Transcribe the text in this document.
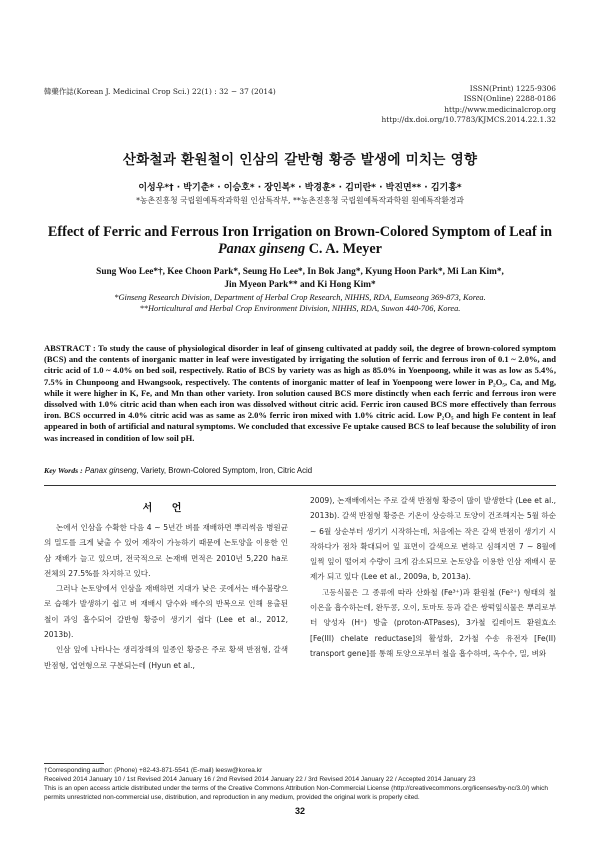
韓藥作誌(Korean J. Medicinal Crop Sci.) 22(1) : 32 − 37 (2014)	ISSN(Print) 1225-9306
ISSN(Online) 2288-0186
http://www.medicinalcrop.org
http://dx.doi.org/10.7783/KJMCS.2014.22.1.32
산화철과 환원철이 인삼의 갈반형 황증 발생에 미치는 영향
이성우*† · 박기춘* · 이승호* · 장인복* · 박경훈* · 김미란* · 박진면** · 김기홍*
*농촌진흥청 국립원예특작과학원 인삼특작부, **농촌진흥청 국립원예특작과학원 원예특작환경과
Effect of Ferric and Ferrous Iron Irrigation on Brown-Colored Symptom of Leaf in
Panax ginseng C. A. Meyer
Sung Woo Lee*†, Kee Choon Park*, Seung Ho Lee*, In Bok Jang*, Kyung Hoon Park*, Mi Lan Kim*,
Jin Myeon Park** and Ki Hong Kim*
*Ginseng Research Division, Department of Herbal Crop Research, NIHHS, RDA, Eumseong 369-873, Korea.
**Horticultural and Herbal Crop Environment Division, NIHHS, RDA, Suwon 440-706, Korea.
ABSTRACT : To study the cause of physiological disorder in leaf of ginseng cultivated at paddy soil, the degree of brown-colored symptom (BCS) and the contents of inorganic matter in leaf were investigated by irrigating the solution of ferric and ferrous iron of 0.1 ~ 2.0%, and citric acid of 1.0 ~ 4.0% on bed soil, respectively. Ratio of BCS by variety was as high as 85.0% in Yoenpoong, while it was as low as 5.4%, 7.5% in Chunpoong and Hwangsook, respectively. The contents of inorganic matter of leaf in Yoenpoong were lower in P₂O₅, Ca, and Mg, while it were higher in K, Fe, and Mn than other variety. Iron solution caused BCS more distinctly when each ferric and ferrous iron were dissolved with 1.0% citric acid than when each iron was dissolved without citric acid. Ferric iron caused BCS more effectively than ferrous iron. BCS occurred in 4.0% citric acid was as same as 2.0% ferric iron mixed with 1.0% citric acid. Low P₂O₅ and high Fe content in leaf appeared in both of artificial and natural symptoms. We concluded that excessive Fe uptake caused BCS to leaf because the solubility of iron was increased in condition of low soil pH.
Key Words : Panax ginseng, Variety, Brown-Colored Symptom, Iron, Citric Acid
서 언

논에서 인삼을 수확한 다음 4 ~ 5년간 벼를 재배하면 뿌리썩음 병원균의 밀도를 크게 낮출 수 있어 재작이 가능하기 때문에 논토양을 이용한 인삼 재배가 늘고 있으며, 전국적으로 논재배 면적은 2010년 5,220 ha로 전체의 27.5%를 차지하고 있다.

그러나 논토양에서 인삼을 재배하면 지대가 낮은 곳에서는 배수불량으로 습해가 발생하기 쉽고 벼 재배시 담수와 배수의 반복으로 인해 용출된 철이 과잉 흡수되어 갈반형 황증이 생기기 쉽다 (Lee et al., 2012, 2013b).

인삼 잎에 나타나는 생리장해의 일종인 황증은 주로 황색 반점형, 갈색 반점형, 엽연형으로 구분되는데 (Hyun et al.,

2009), 논재배에서는 주로 갈색 반점형 황증이 많이 발생한다 (Lee et al., 2013b). 갈색 반점형 황증은 기온이 상승하고 토양이 건조해지는 5월 하순 ~ 6월 상순부터 생기기 시작하는데, 처음에는 작은 갈색 반점이 생기기 시작하다가 점차 확대되어 잎 표면이 갈색으로 변하고 심해지면 7 ~ 8월에 일찍 잎이 떨어져 수량이 크게 감소되므로 논토양을 이용한 인삼 재배시 문제가 되고 있다 (Lee et al., 2009a, b, 2013a).

고등식물은 그 종류에 따라 산화철 (Fe³⁺)과 환원철 (Fe²⁺) 형태의 철 이온을 흡수하는데, 완두콩, 오이, 토마토 등과 같은 쌍떡잎식물은 뿌리로부터 양성자 (H⁺) 방출 (proton-ATPases), 3가철 킬레이트 환원효소 [Fe(III) chelate reductase]의 활성화, 2가철 수송 유전자 [Fe(II) transport gene]를 통해 토양으로부터 철을 흡수하며, 옥수수, 밀, 벼와

†Corresponding author: (Phone) +82-43-871-5541 (E-mail) leesw@korea.kr
Received 2014 January 10 / 1st Revised 2014 January 16 / 2nd Revised 2014 January 22 / 3rd Revised 2014 January 22 / Accepted 2014 January 23
This is an open access article distributed under the terms of the Creative Commons Attribution Non-Commercial License (http://creativecommons.org/licenses/by-nc/3.0/) which permits unrestricted non-commercial use, distribution, and reproduction in any medium, provided the original work is properly cited.
32
